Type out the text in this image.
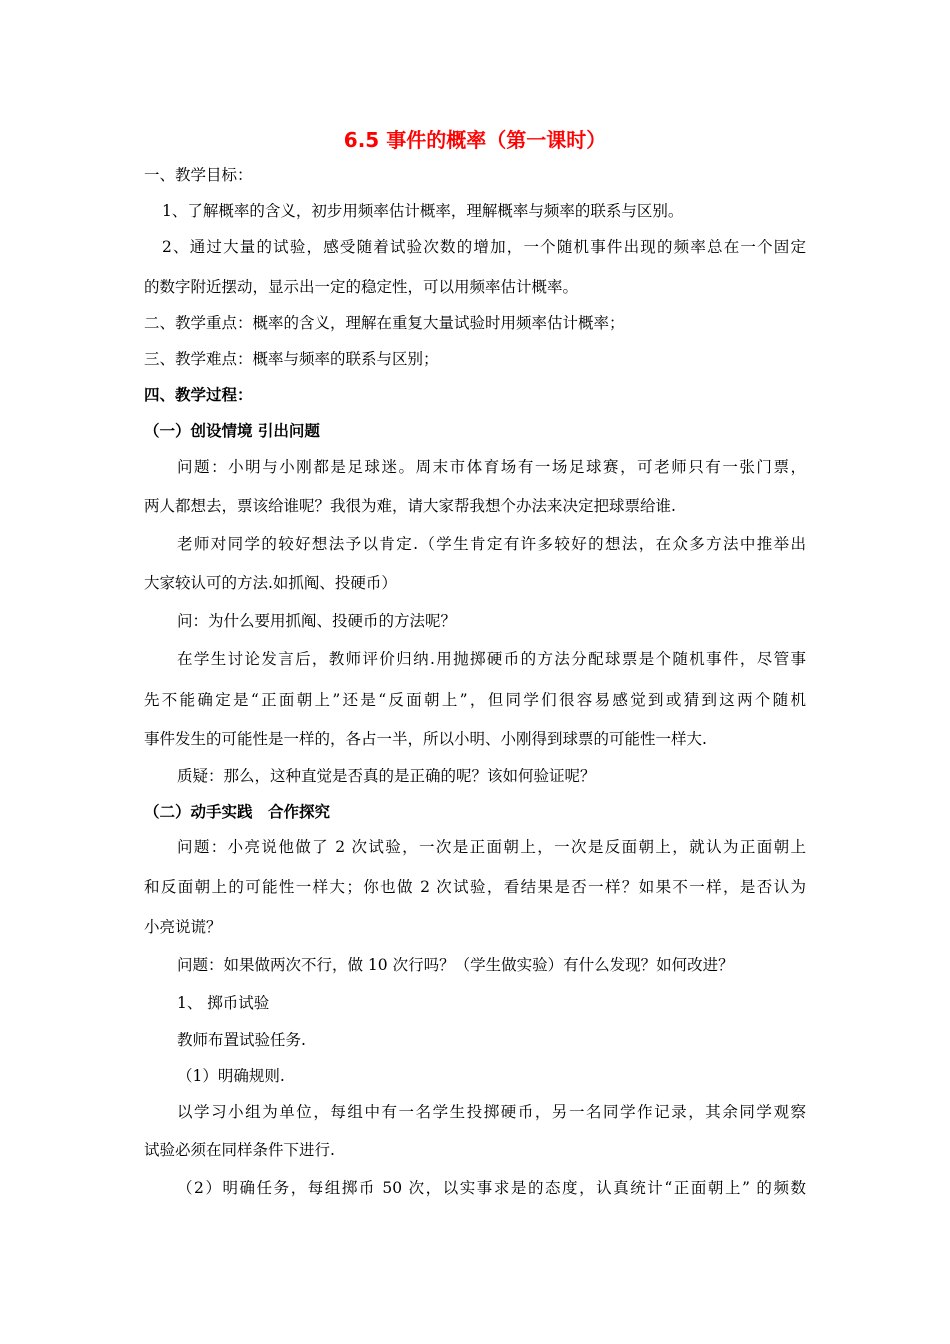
6.5 事件的概率（第一课时）
一、教学目标：
1、了解概率的含义，初步用频率估计概率，理解概率与频率的联系与区别。
2、通过大量的试验，感受随着试验次数的增加，一个随机事件出现的频率总在一个固定
的数字附近摆动，显示出一定的稳定性，可以用频率估计概率。
二、教学重点：概率的含义，理解在重复大量试验时用频率估计概率；
三、教学难点：概率与频率的联系与区别；
四、教学过程：
（一）创设情境 引出问题
问题：小明与小刚都是足球迷。周末市体育场有一场足球赛，可老师只有一张门票，
两人都想去，票该给谁呢？我很为难，请大家帮我想个办法来决定把球票给谁.
老师对同学的较好想法予以肯定.（学生肯定有许多较好的想法，在众多方法中推举出
大家较认可的方法.如抓阄、投硬币）
问：为什么要用抓阄、投硬币的方法呢？
在学生讨论发言后，教师评价归纳.用抛掷硬币的方法分配球票是个随机事件，尽管事
先不能确定是“正面朝上”还是“反面朝上”，但同学们很容易感觉到或猜到这两个随机
事件发生的可能性是一样的，各占一半，所以小明、小刚得到球票的可能性一样大.
质疑：那么，这种直觉是否真的是正确的呢？该如何验证呢？
（二）动手实践　合作探究
问题：小亮说他做了 2 次试验，一次是正面朝上，一次是反面朝上，就认为正面朝上
和反面朝上的可能性一样大；你也做 2 次试验，看结果是否一样？如果不一样，是否认为
小亮说谎？
问题：如果做两次不行，做 10 次行吗？（学生做实验）有什么发现？如何改进？
1、 掷币试验
教师布置试验任务.
（1）明确规则.
以学习小组为单位，每组中有一名学生投掷硬币，另一名同学作记录，其余同学观察
试验必须在同样条件下进行.
（2）明确任务，每组掷币 50 次，以实事求是的态度，认真统计“正面朝上” 的频数
